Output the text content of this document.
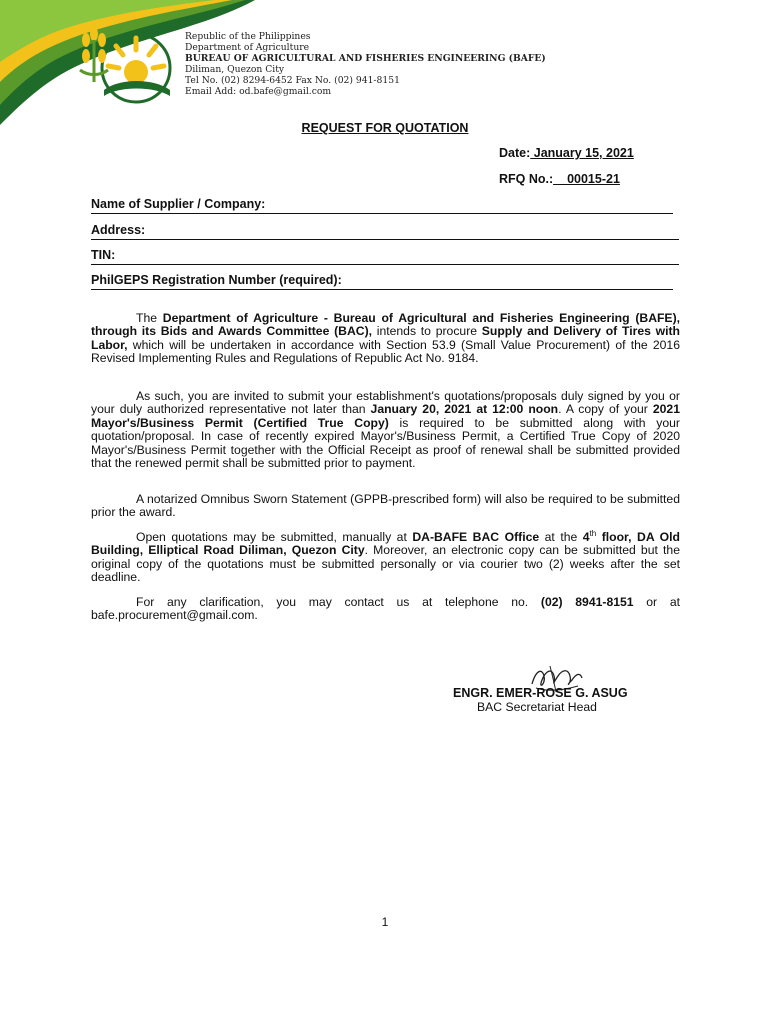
Republic of the Philippines
Department of Agriculture
BUREAU OF AGRICULTURAL AND FISHERIES ENGINEERING (BAFE)
Diliman, Quezon City
Tel No. (02) 8294-6452 Fax No. (02) 941-8151
Email Add: od.bafe@gmail.com
REQUEST FOR QUOTATION
Date: January 15, 2021
RFQ No.:__00015-21
Name of Supplier / Company:
Address:
TIN:
PhilGEPS Registration Number (required):
The Department of Agriculture - Bureau of Agricultural and Fisheries Engineering (BAFE), through its Bids and Awards Committee (BAC), intends to procure Supply and Delivery of Tires with Labor, which will be undertaken in accordance with Section 53.9 (Small Value Procurement) of the 2016 Revised Implementing Rules and Regulations of Republic Act No. 9184.
As such, you are invited to submit your establishment's quotations/proposals duly signed by you or your duly authorized representative not later than January 20, 2021 at 12:00 noon. A copy of your 2021 Mayor's/Business Permit (Certified True Copy) is required to be submitted along with your quotation/proposal. In case of recently expired Mayor's/Business Permit, a Certified True Copy of 2020 Mayor's/Business Permit together with the Official Receipt as proof of renewal shall be submitted provided that the renewed permit shall be submitted prior to payment.
A notarized Omnibus Sworn Statement (GPPB-prescribed form) will also be required to be submitted prior the award.
Open quotations may be submitted, manually at DA-BAFE BAC Office at the 4th floor, DA Old Building, Elliptical Road Diliman, Quezon City. Moreover, an electronic copy can be submitted but the original copy of the quotations must be submitted personally or via courier two (2) weeks after the set deadline.
For any clarification, you may contact us at telephone no. (02) 8941-8151 or at bafe.procurement@gmail.com.
ENGR. EMER-ROSE G. ASUG
BAC Secretariat Head
1
